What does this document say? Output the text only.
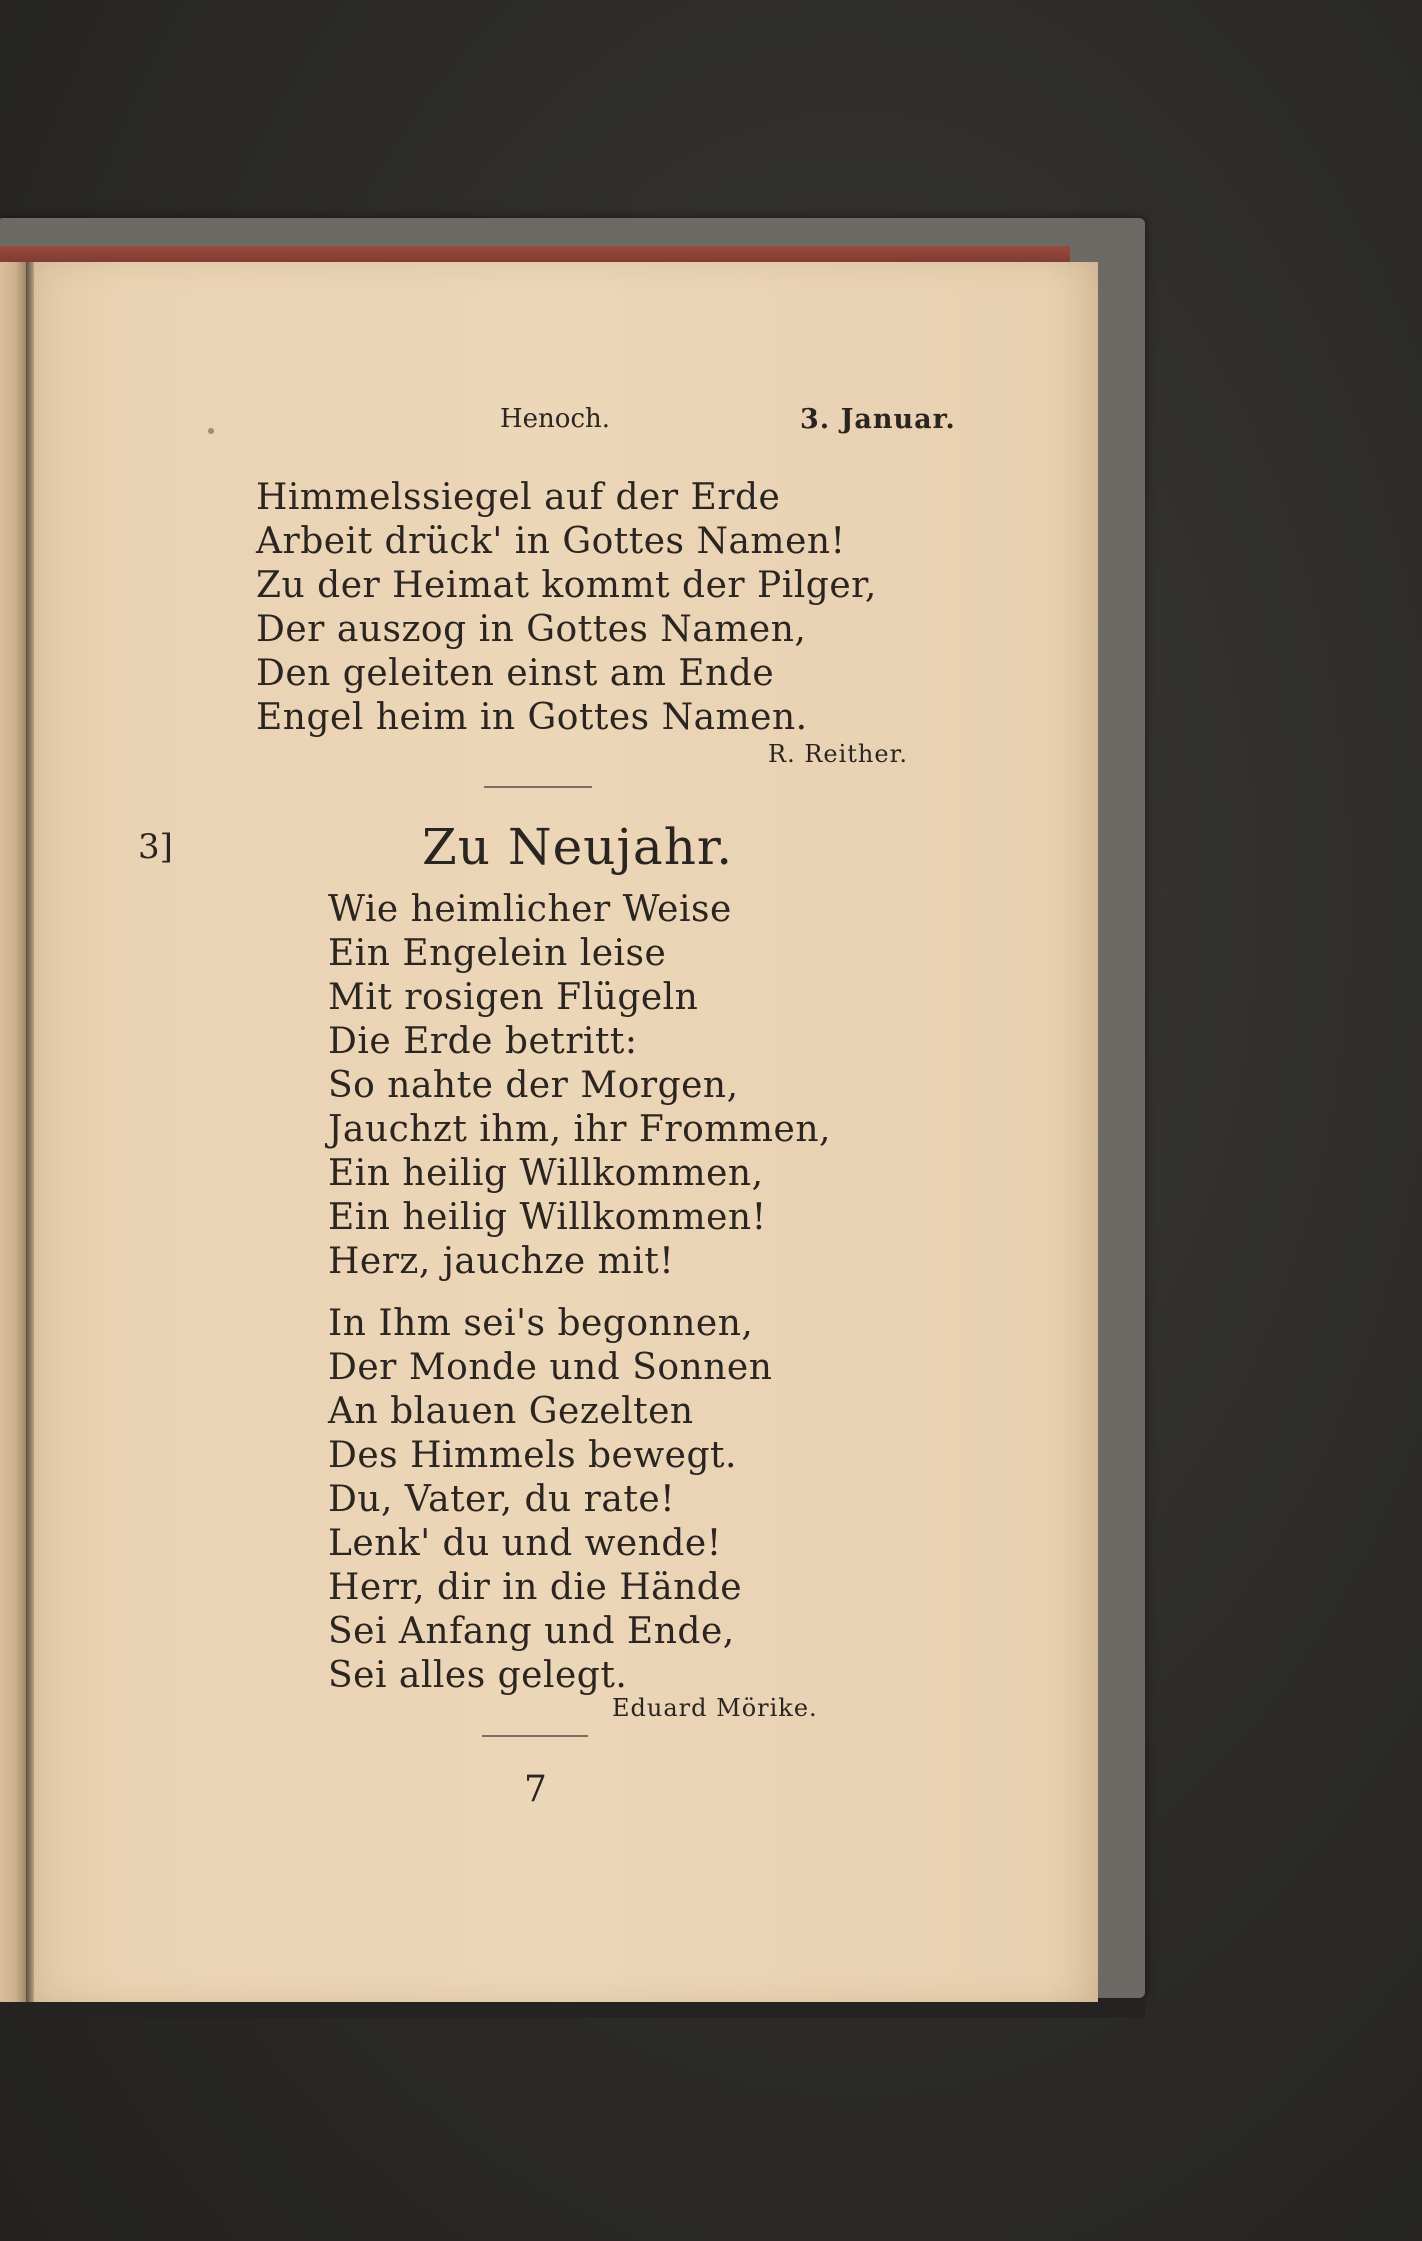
Henoch.	3. Januar.
Himmelssiegel auf der Erde
Arbeit drück' in Gottes Namen!
Zu der Heimat kommt der Pilger,
Der auszog in Gottes Namen,
Den geleiten einst am Ende
Engel heim in Gottes Namen.
R. Reither.
3]	Zu Neujahr.
Wie heimlicher Weise
Ein Engelein leise
Mit rosigen Flügeln
Die Erde betritt:
So nahte der Morgen,
Jauchzt ihm, ihr Frommen,
Ein heilig Willkommen,
Ein heilig Willkommen!
Herz, jauchze mit!
In Ihm sei's begonnen,
Der Monde und Sonnen
An blauen Gezelten
Des Himmels bewegt.
Du, Vater, du rate!
Lenk' du und wende!
Herr, dir in die Hände
Sei Anfang und Ende,
Sei alles gelegt.
Eduard Mörike.
7
